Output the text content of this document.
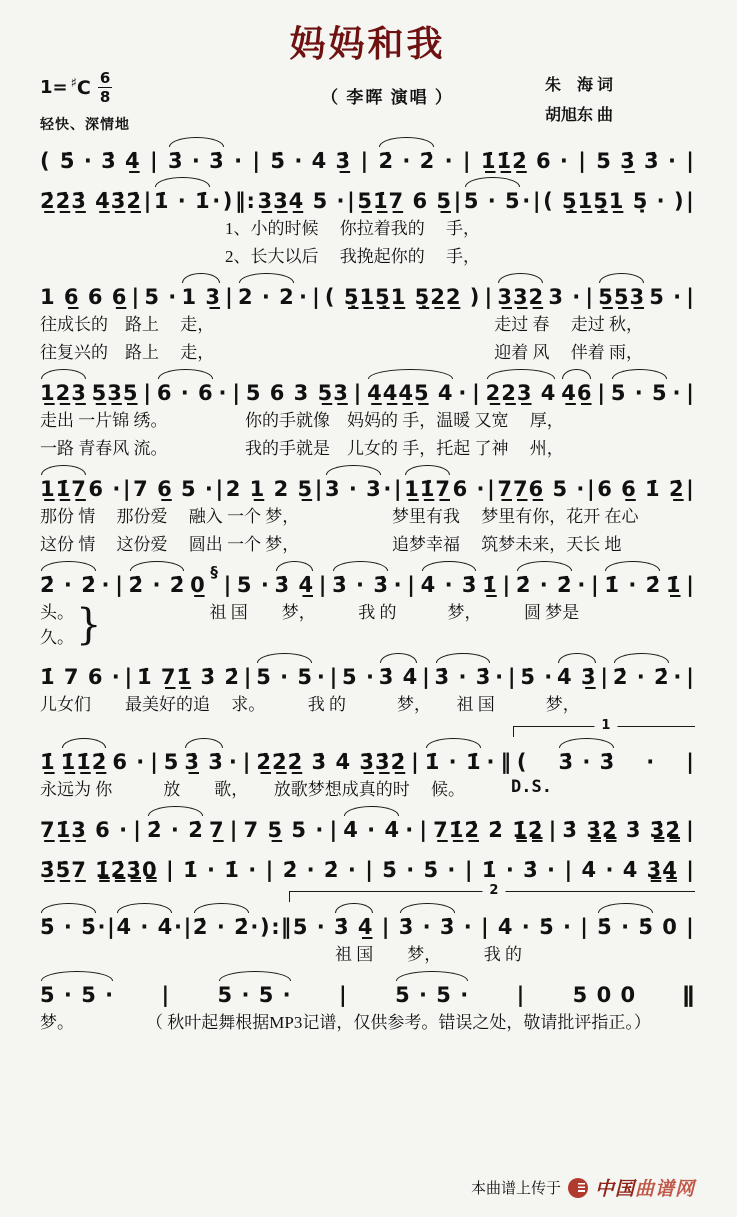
妈妈和我
1= ♯ C $\frac{6}{8}$
轻快、深情地
（ 李晖 演唱 ）
朱　海 词
胡旭东 曲
( 5̇ · 3̇ 4̲̇ | 3̇ · 3̇ · | 5̇ · 4̇ 3̲̇ | 2̇ · 2̇ · | 1̲̇1̲̇2̲̇ 6 · | 5 3̲̇ 3̇ · |
2̲̇2̲̇3̲̇ 4̲̇3̲̇2̲̇ | 1̇ · 1̇ · ) ‖: 3̲3̲4̲ 5 · | 5̲1̲̇7̲ 6 5̲ | 5 · 5 · | ( 5̲̣1̲5̲̣1̲ 5̣ · ) |
1、小的时候　 你拉着我的　 手，
2、长大以后　 我挽起你的　 手，
1 6̲ 6 6̲ | 5 · 1 3̲ | 2 · 2 · | ( 5̲̣1̲5̲̣1̲ 5̲̣2̲2̲ ) | 3̲3̲2̲ 3 · | 5̲5̲3̲ 5 · |
往成长的　路上　 走，	走过 春　 走过 秋，
往复兴的　路上　 走，	迎着 风　 伴着 雨，
1̲2̲3̲ 5̲3̲5̲ | 6 · 6 · | 5 6 3 5̲3̲ | 4̲4̲4̲5̲ 4 · | 2̲2̲3̲ 4 4̲6̲ | 5 · 5 · |
走出 一片锦 绣。	你的手就像　妈妈的 手，温暖 又宽　 厚，
一路 青春风 流。	我的手就是　儿女的 手，托起 了神　 州，
1̲1̲̇7̲ 6 · | 7 6̲ 5 · | 2 1̲ 2 5̲ | 3 · 3 · | 1̲1̲̇7̲ 6 · | 7̲7̲6̲ 5 · | 6 6̲ 1̇ 2̲̇ |
那份 情　 那份爱　 融入 一个 梦，	梦里有我　 梦里有你，花开 在心
这份 情　 这份爱　 圆出 一个 梦，	追梦幸福　 筑梦未来，天长 地
2̇ · 2̇ · | 2̇ · 2̇ 0̲
§
| 5 · 3̇ 4̲̇ | 3̇ · 3̇ · | 4̇ · 3̇ 1̲̇ | 2̇ · 2̇ · | 1̇ · 2̇ 1̲̇ |
头。
久。 }	祖 国　　梦，　　　我 的　　　梦，　　　圆 梦是
1̇ 7 6 · | 1̇ 7̲1̲̇ 3̇ 2̇ | 5 · 5 · | 5 · 3̇ 4̇ | 3̇ · 3̇ · | 5̇ · 4̇ 3̲̇ | 2̇ · 2̇ · |
儿女们　　最美好的追　 求。　　　我 的　　　梦，　　祖 国　　　梦，
1̲̇ 1̲̇1̲̇2̲̇ 6 · | 5 3̲̇ 3̇ · | 2̲̇2̲̇2̲̇ 3̇ 4̇ 3̲̇3̲̇2̲̇ | 1̇ · 1̇ · ‖
1
( 3̇ · 3̇ · |
永远为 你　　　放　　歌，　　放歌梦想成真的时　 候。	D.S.
7̲1̲̇3̲ 6 · | 2̇ · 2̇ 7̲ | 7 5̲ 5 · | 4̇ · 4̇ · | 7̲1̲̇2̲̇ 2̇ 1̳̇2̳̇ | 3̇ 3̳̇2̳̇ 3̇ 3̳̇2̳̇ |
3̲̇5̲̇7̲ 1̳̇2̳̇3̳̇0̳ | 1̇ · 1̇ · | 2̇ · 2̇ · | 5̇ · 5̇ · | 1̇ · 3̇ · | 4̇ · 4̇ 3̳̇4̳̇ |
5̇ · 5̇ · | 4̇ · 4̇ · | 2̇ · 2̇ · ) :‖
2
5 · 3̇ 4̲̇ | 3̇ · 3̇ · | 4̇ · 5̇ · | 5̇ · 5̇ 0 |
祖 国　　梦，　　　我 的
5 · 5 · | 5 · 5 · | 5 · 5 · | 5 0 0 ‖
梦。	（ 秋叶起舞根据MP3记谱，仅供参考。错误之处，敬请批评指正。）
本曲谱上传于 中国曲谱网
